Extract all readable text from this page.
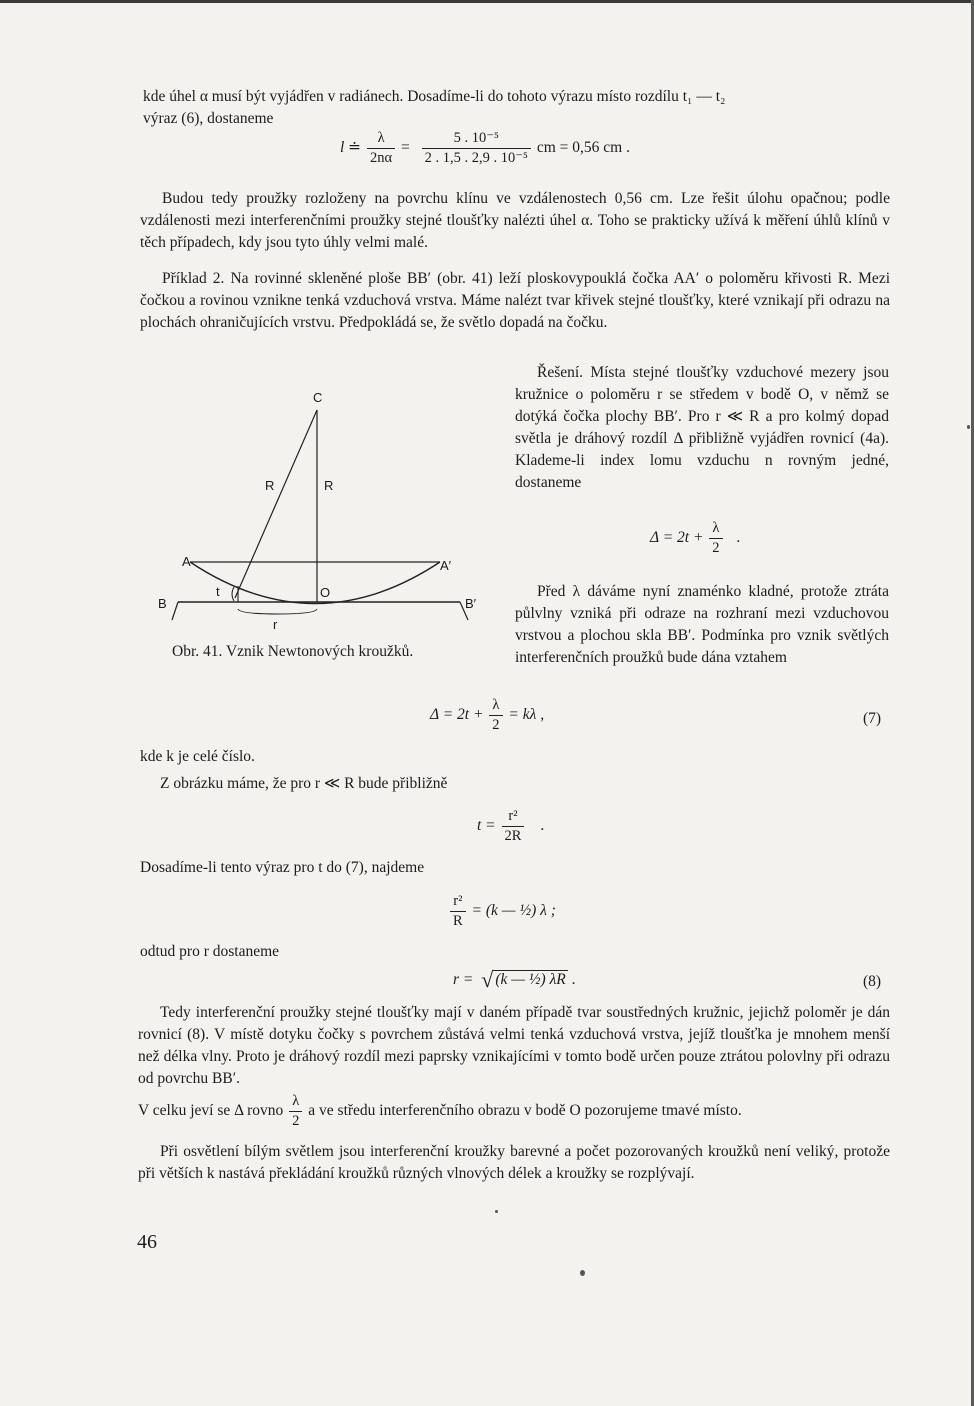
kde úhel α musí být vyjádřen v radiánech. Dosadíme-li do tohoto výrazu místo rozdílu t₁ — t₂
výraz (6), dostaneme
l ≐ $\frac{\lambda}{2n\alpha} = \frac{\text{5 . 10⁻⁵}}{\text{2 . 1,5 . 2,9 . 10⁻⁵}}$ cm = 0,56 cm .
Budou tedy proužky rozloženy na povrchu klínu ve vzdálenostech 0,56 cm. Lze řešit úlohu opačnou; podle vzdálenosti mezi interferenčními proužky stejné tloušťky nalézti úhel α. Toho se prakticky užívá k měření úhlů klínů v těch případech, kdy jsou tyto úhly velmi malé.
Příklad 2. Na rovinné skleněné ploše BB′ (obr. 41) leží ploskovypouklá čočka AA′ o poloměru křivosti R. Mezi čočkou a rovinou vznikne tenká vzduchová vrstva. Máme nalézt tvar křivek stejné tloušťky, které vznikají při odrazu na plochách ohraničujících vrstvu. Předpokládá se, že světlo dopadá na čočku.
C
R	R
A	A′
B	B′
t	O
r
Obr. 41. Vznik Newtonových kroužků.
Řešení. Místa stejné tloušťky vzduchové mezery jsou kružnice o poloměru r se středem v bodě O, v němž se dotýká čočka plochy BB′. Pro r ≪ R a pro kolmý dopad světla je dráhový rozdíl Δ přibližně vyjádřen rovnicí (4a). Klademe-li index lomu vzduchu n rovným jedné, dostaneme
$\Delta = 2t + \frac{\lambda}{2}$ .
Před λ dáváme nyní znaménko kladné, protože ztráta půlvlny vzniká při odraze na rozhraní mezi vzduchovou vrstvou a plochou skla BB′. Podmínka pro vznik světlých interferenčních proužků bude dána vztahem
$\Delta = 2t + \frac{\lambda}{2} = k\lambda$ ,	(7)
kde k je celé číslo.
Z obrázku máme, že pro r ≪ R bude přibližně
$t = \frac{\text{r²}}{2R}$ .
Dosadíme-li tento výraz pro t do (7), najdeme
$\frac{\text{r²}}{R} = (k$ — ½) λ ;
odtud pro r dostaneme
r = √ (k — ½) λR .	(8)
Tedy interferenční proužky stejné tloušťky mají v daném případě tvar soustředných kružnic, jejichž poloměr je dán rovnicí (8). V místě dotyku čočky s povrchem zůstává velmi tenká vzduchová vrstva, jejíž tloušťka je mnohem menší než délka vlny. Proto je dráhový rozdíl mezi paprsky vznikajícími v tomto bodě určen pouze ztrátou polovlny při odrazu od povrchu BB′.
V celku jeví se Δ rovno $\frac{\lambda}{2}$ a ve středu interferenčního obrazu v bodě O pozorujeme tmavé místo.
Při osvětlení bílým světlem jsou interferenční kroužky barevné a počet pozorovaných kroužků není veliký, protože při větších k nastává překládání kroužků různých vlnových délek a kroužky se rozplývají.
46
